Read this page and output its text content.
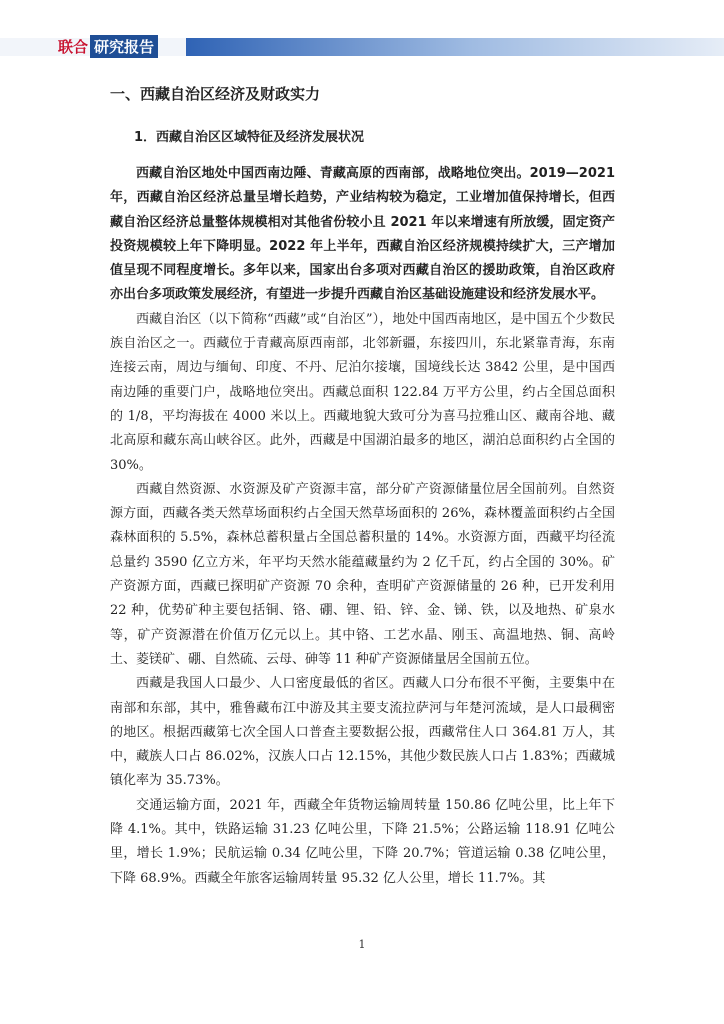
联合 研究报告
一、西藏自治区经济及财政实力
1．西藏自治区区域特征及经济发展状况

西藏自治区地处中国西南边陲、青藏高原的西南部，战略地位突出。2019—2021 年，西藏自治区经济总量呈增长趋势，产业结构较为稳定，工业增加值保持增长，但西藏自治区经济总量整体规模相对其他省份较小且 2021 年以来增速有所放缓，固定资产投资规模较上年下降明显。2022 年上半年，西藏自治区经济规模持续扩大，三产增加值呈现不同程度增长。多年以来，国家出台多项对西藏自治区的援助政策，自治区政府亦出台多项政策发展经济，有望进一步提升西藏自治区基础设施建设和经济发展水平。

西藏自治区（以下简称“西藏”或“自治区”），地处中国西南地区，是中国五个少数民族自治区之一。西藏位于青藏高原西南部，北邻新疆，东接四川，东北紧靠青海，东南连接云南，周边与缅甸、印度、不丹、尼泊尔接壤，国境线长达 3842 公里，是中国西南边陲的重要门户，战略地位突出。西藏总面积 122.84 万平方公里，约占全国总面积的 1/8，平均海拔在 4000 米以上。西藏地貌大致可分为喜马拉雅山区、藏南谷地、藏北高原和藏东高山峡谷区。此外，西藏是中国湖泊最多的地区，湖泊总面积约占全国的 30%。

西藏自然资源、水资源及矿产资源丰富，部分矿产资源储量位居全国前列。自然资源方面，西藏各类天然草场面积约占全国天然草场面积的 26%，森林覆盖面积约占全国森林面积的 5.5%，森林总蓄积量占全国总蓄积量的 14%。水资源方面，西藏平均径流总量约 3590 亿立方米，年平均天然水能蕴藏量约为 2 亿千瓦，约占全国的 30%。矿产资源方面，西藏已探明矿产资源 70 余种，查明矿产资源储量的 26 种，已开发利用 22 种，优势矿种主要包括铜、铬、硼、锂、铅、锌、金、锑、铁，以及地热、矿泉水等，矿产资源潜在价值万亿元以上。其中铬、工艺水晶、刚玉、高温地热、铜、高岭土、菱镁矿、硼、自然硫、云母、砷等 11 种矿产资源储量居全国前五位。

西藏是我国人口最少、人口密度最低的省区。西藏人口分布很不平衡，主要集中在南部和东部，其中，雅鲁藏布江中游及其主要支流拉萨河与年楚河流域，是人口最稠密的地区。根据西藏第七次全国人口普查主要数据公报，西藏常住人口 364.81 万人，其中，藏族人口占 86.02%，汉族人口占 12.15%，其他少数民族人口占 1.83%；西藏城镇化率为 35.73%。

交通运输方面，2021 年，西藏全年货物运输周转量 150.86 亿吨公里，比上年下降 4.1%。其中，铁路运输 31.23 亿吨公里，下降 21.5%；公路运输 118.91 亿吨公里，增长 1.9%；民航运输 0.34 亿吨公里，下降 20.7%；管道运输 0.38 亿吨公里，下降 68.9%。西藏全年旅客运输周转量 95.32 亿人公里，增长 11.7%。其

1
